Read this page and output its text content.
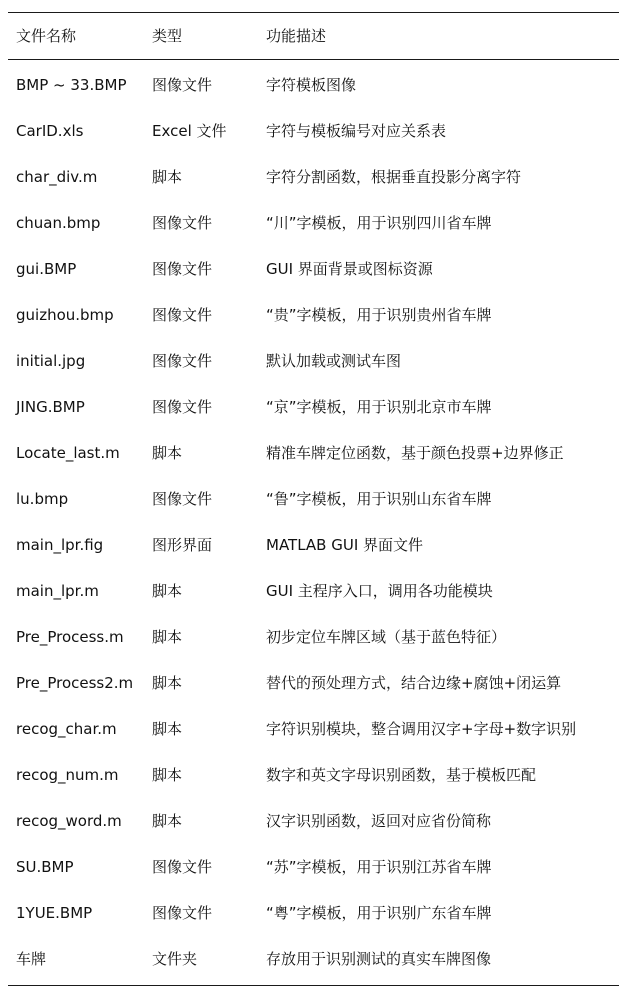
文件名称	类型	功能描述
BMP ~ 33.BMP 图像文件	字符模板图像
CarID.xls	Excel 文件	字符与模板编号对应关系表
char_div.m	脚本	字符分割函数，根据垂直投影分离字符
chuan.bmp	图像文件	“川”字模板，用于识别四川省车牌
gui.BMP	图像文件	GUI 界面背景或图标资源
guizhou.bmp	图像文件	“贵”字模板，用于识别贵州省车牌
initial.jpg	图像文件	默认加载或测试车图
JING.BMP	图像文件	“京”字模板，用于识别北京市车牌
Locate_last.m 脚本	精准车牌定位函数，基于颜色投票+边界修正
lu.bmp	图像文件	“鲁”字模板，用于识别山东省车牌
main_lpr.fig	图形界面	MATLAB GUI 界面文件
main_lpr.m	脚本	GUI 主程序入口，调用各功能模块
Pre_Process.m 脚本	初步定位车牌区域（基于蓝色特征）
Pre_Process2.m 脚本	替代的预处理方式，结合边缘+腐蚀+闭运算
recog_char.m 脚本	字符识别模块，整合调用汉字+字母+数字识别
recog_num.m 脚本	数字和英文字母识别函数，基于模板匹配
recog_word.m 脚本	汉字识别函数，返回对应省份简称
SU.BMP	图像文件	“苏”字模板，用于识别江苏省车牌
1YUE.BMP	图像文件	“粤”字模板，用于识别广东省车牌
车牌	文件夹	存放用于识别测试的真实车牌图像
